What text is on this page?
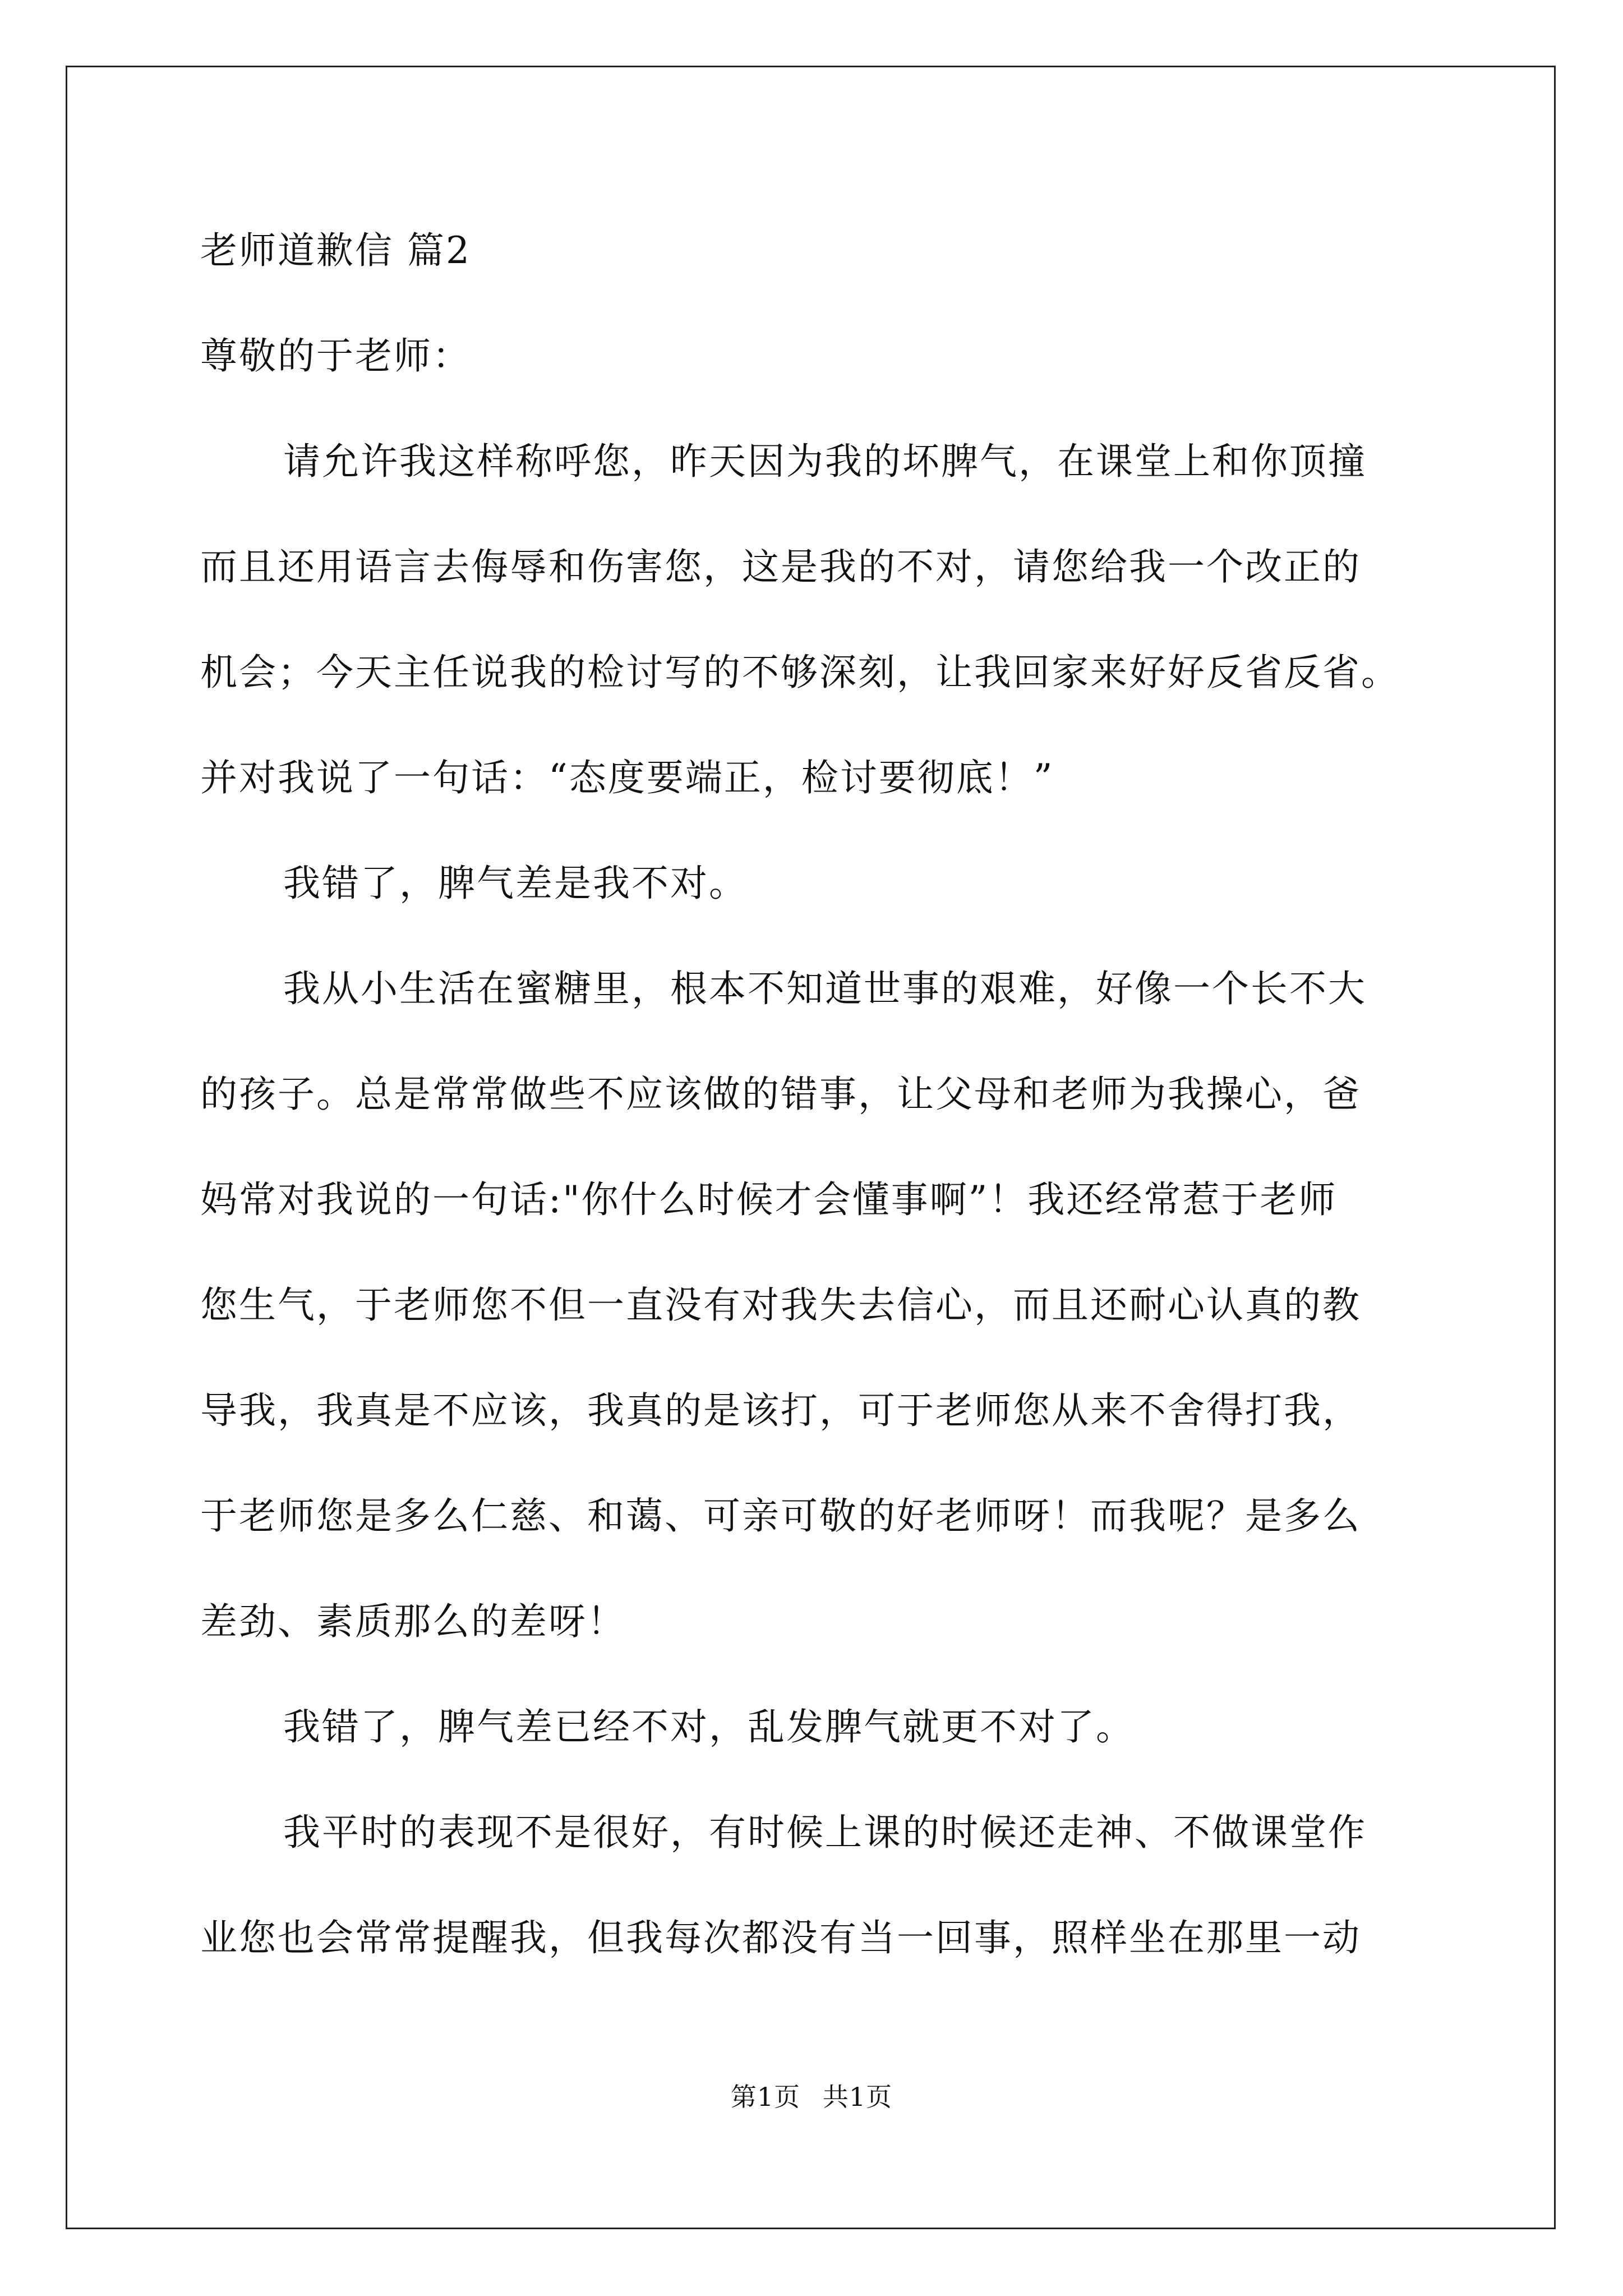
老师道歉信 篇2

尊敬的于老师：

请允许我这样称呼您，昨天因为我的坏脾气，在课堂上和你顶撞

而且还用语言去侮辱和伤害您，这是我的不对，请您给我一个改正的

机会；今天主任说我的检讨写的不够深刻，让我回家来好好反省反省。

并对我说了一句话：“态度要端正，检讨要彻底！”

我错了，脾气差是我不对。

我从小生活在蜜糖里，根本不知道世事的艰难，好像一个长不大

的孩子。总是常常做些不应该做的错事，让父母和老师为我操心，爸

妈常对我说的一句话:"你什么时候才会懂事啊”！我还经常惹于老师

您生气，于老师您不但一直没有对我失去信心，而且还耐心认真的教

导我，我真是不应该，我真的是该打，可于老师您从来不舍得打我，

于老师您是多么仁慈、和蔼、可亲可敬的好老师呀！而我呢？是多么

差劲、素质那么的差呀！

我错了，脾气差已经不对，乱发脾气就更不对了。

我平时的表现不是很好，有时候上课的时候还走神、不做课堂作

业您也会常常提醒我，但我每次都没有当一回事，照样坐在那里一动

第1页 共1页
